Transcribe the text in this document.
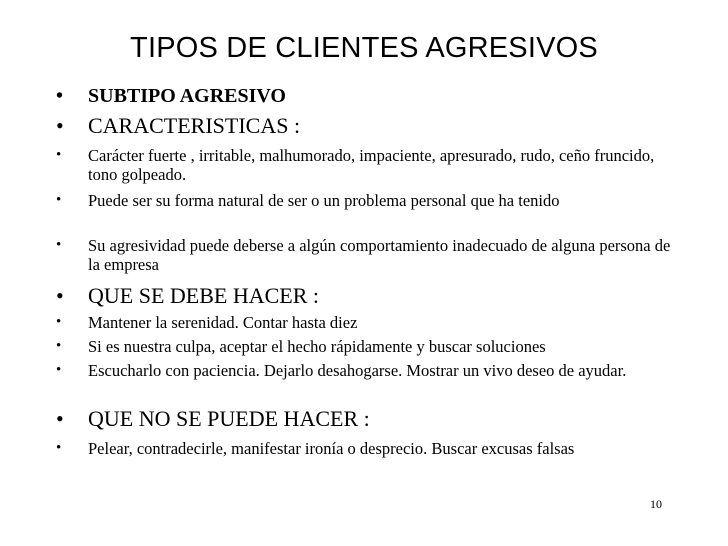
TIPOS DE CLIENTES AGRESIVOS
• SUBTIPO AGRESIVO
• CARACTERISTICAS :
• Carácter fuerte , irritable, malhumorado, impaciente, apresurado, rudo, ceño fruncido, tono golpeado.
• Puede ser su forma natural de ser o un problema personal que ha tenido
• Su agresividad puede deberse a algún comportamiento inadecuado de alguna persona de la empresa
• QUE SE DEBE HACER :
• Mantener la serenidad. Contar hasta diez
• Si es nuestra culpa, aceptar el hecho rápidamente y buscar soluciones
• Escucharlo con paciencia. Dejarlo desahogarse. Mostrar un vivo deseo de ayudar.
• QUE NO SE PUEDE HACER :
• Pelear, contradecirle, manifestar ironía o desprecio. Buscar excusas falsas
10
